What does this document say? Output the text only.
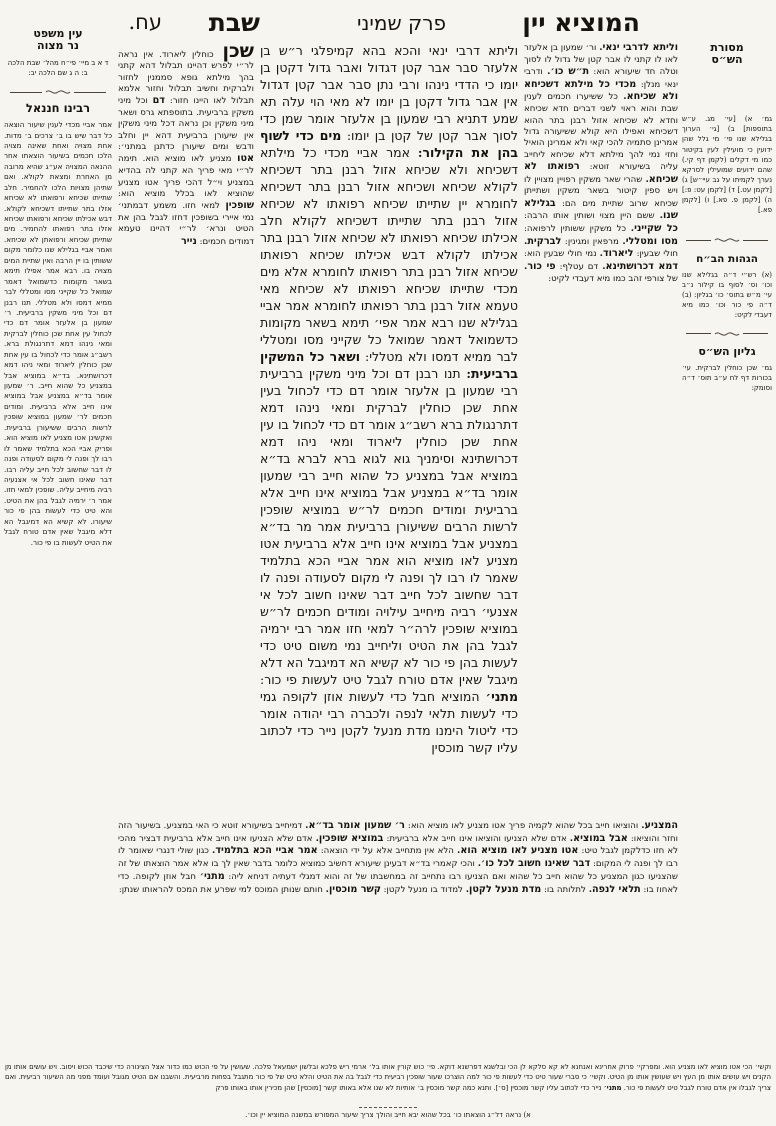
המוציא יין
פרק שמיני
שבת
עח.
עין משפט
נר מצוה
ד א ב מיי׳ פי״ח מהל׳ שבת הלכה ב: ה ג שם הלכה יב:
רבינו חננאל
אמר אביי מכדי לענין שיעור הוצאה כל דבר שיש בו ב׳ צרכים ב׳ מדות. אחת מצויה ואחת שאינה מצויה הלכו חכמים בשיעור הוצאתו אחר ההנאה המצויה אע״ג שהיא מרובה מן האחרת ומצאת לקולא. ואם שתיהן מצויות הלכו להחמיר. חלב שתייתו שכיחא ורפואתו לא שכיחא אזלו בתר שתייתו דשכיחא לקולא. דבש אכילתו שכיחא ורפואתו שכיחא אזלו בתר רפואתו להחמיר. מים שתייתן שכיחא ורפואתן לא שכיחא. ואמר אביי בגלילא שנו כלומר מקום ששותין בו יין הרבה ואין שתיית המים מצויה בו. רבא אמר אפילו תימא בשאר מקומות כדשמואל דאמר שמואל כל שקייני מסו ומטללי לבר ממיא דמסו ולא מטללי. תנו רבנן דם וכל מיני משקין ברביעית. ר׳ שמעון בן אלעזר אומר דם כדי לכחול עין אחת שכן כוחלין לברקית ומאי נינהו דמא דתרנגולת ברא. רשב״ג אומר כדי לכחול בו עין אחת שכן כוחלין ליארוד ומאי ניהו דמא דכרושתינא. בד״א במוציא אבל במצניע כל שהוא חייב. ר׳ שמעון אומר בד״א במצניע אבל במוציא אינו חייב אלא ברביעית. ומודים חכמים לר׳ שמעון במוציא שופכין לרשות הרבים ששיעורן ברביעית. ואקשינן אטו מצניע לאו מוציא הוא. ופריק אביי הכא בתלמיד שאמר לו רבו לך ופנה לי מקום לסעודה ופנה לו דבר שחשוב לכל חייב עליה רבו. דבר שאינו חשוב לכל אי אצנעיה רביה מיחייב עליה. שופכין למאי חזו. אמר ר׳ ירמיה לגבל בהן את הטיט. והא טיט כדי לעשות בהן פי כור שיעורו. לא קשיא הא דמיגבל הא דלא מיגבל שאין אדם טורח לגבל את הטיט לעשות בו פי כור.
מסורת
הש״ס
גמ׳ א) [עי׳ מג. ע״ש בתוספות] ב) [גי׳ הערוך בגלילא שנו פי׳ מי גלל שהן ידועין כי מועילין לעין בקיטור כמו מי דקלים (לקמן דף קי.) שהם ידועים שמועילין לסרקא נערך לקמיתו על גב עיי״ש] ג) [לקמן עט.] ד) [לקמן עט: פ:] ה) [לקמן פ. פא.] ו) [לקמן פא.]
הגהות הב״ח
(א) רש״י ד״ה בגלילא שנו וכו׳ וס׳ לסוף בו קילור נ״ב עי׳ מ״ש בתוס׳ כו׳ בגליון: (ב) ד״ה פי כור וכו׳ כמו מיא דעבדי לקיט:
גליון הש״ס
גמ׳ שכן כוחלין לברקית. עי׳ בכורות דף לח ע״ב תוס׳ ד״ה וסומק:
שכן כוחלין ליארוד. אין נראה לר״י לפרש דהיינו תבלול דהא קתני בהך מילתא גופא סממנין לחזור ולברקית וחשיב תבלול וחזור אלמא תבלול לאו היינו חזור: דם וכל מיני משקין ברביעית. בתוספתא גרס ושאר מיני משקין וכן נראה דכל מיני משקין אין שיעורן ברביעית דהא יין וחלב ודבש ומים שיעורן כדתנן במתני׳: אטו מצניע לאו מוציא הוא. תימה לר״י מאי פריך הא קתני לה בהדיא במצניע וי״ל דהכי פריך אטו מצניע שהוציא לאו בכלל מוציא הוא: שופכין למאי חזו. משמע דבמתני׳ נמי איירי בשופכין דחזו לגבל בהן את הטיט ונרא׳ לר״י דהיינו טעמא דמודים חכמים: נייר
וליתא דרבי ינאי והכא בהא קמיפלגי ר״ש בן אלעזר סבר אבר קטן דגדול ואבר גדול דקטן בן יומו כי הדדי נינהו ורבי נתן סבר אבר קטן דגדול אין אבר גדול דקטן בן יומו לא מאי הוי עלה תא שמע דתניא רבי שמעון בן אלעזר אומר שמן כדי לסוך אבר קטן של קטן בן יומו: מים כדי לשוף בהן את הקילור: אמר אביי מכדי כל מילתא דשכיחא ולא שכיחא אזול רבנן בתר דשכיחא לקולא שכיחא ושכיחא אזול רבנן בתר דשכיחא לחומרא יין שתייתו שכיחא רפואתו לא שכיחא אזול רבנן בתר שתייתו דשכיחא לקולא חלב אכילתו שכיחא רפואתו לא שכיחא אזול רבנן בתר אכילתו לקולא דבש אכילתו שכיחא רפואתו שכיחא אזול רבנן בתר רפואתו לחומרא אלא מים מכדי שתייתו שכיחא רפואתו לא שכיחא מאי טעמא אזול רבנן בתר רפואתו לחומרא אמר אביי בגלילא שנו רבא אמר אפי׳ תימא בשאר מקומות כדשמואל דאמר שמואל כל שקייני מסו ומטללי לבר ממיא דמסו ולא מטללי: ושאר כל המשקין ברביעית: תנו רבנן דם וכל מיני משקין ברביעית רבי שמעון בן אלעזר אומר דם כדי לכחול בעין אחת שכן כוחלין לברקית ומאי נינהו דמא דתרנגולת ברא רשב״ג אומר דם כדי לכחול בו עין אחת שכן כוחלין ליארוד ומאי ניהו דמא דכרושתינא וסימניך גוא לגוא ברא לברא בד״א במוציא אבל במצניע כל שהוא חייב רבי שמעון אומר בד״א במצניע אבל במוציא אינו חייב אלא ברביעית ומודים חכמים לר״ש במוציא שופכין לרשות הרבים ששיעורן ברביעית אמר מר בד״א במצניע אבל במוציא אינו חייב אלא ברביעית אטו מצניע לאו מוציא הוא אמר אביי הכא בתלמיד שאמר לו רבו לך ופנה לי מקום לסעודה ופנה לו דבר שחשוב לכל חייב דבר שאינו חשוב לכל אי אצנעי׳ רביה מיחייב עילויה ומודים חכמים לר״ש במוציא שופכין לרה״ר למאי חזו אמר רבי ירמיה לגבל בהן את הטיט וליחייב נמי משום טיט כדי לעשות בהן פי כור לא קשיא הא דמיגבל הא דלא מיגבל שאין אדם טורח לגבל טיט לעשות פי כור: מתני׳ המוציא חבל כדי לעשות אוזן לקופה גמי כדי לעשות תלאי לנפה ולכברה רבי יהודה אומר כדי ליטול הימנו מדת מנעל לקטן נייר כדי לכתוב עליו קשר מוכסין
וליתא לדרבי ינאי. ור׳ שמעון בן אלעזר לאו לו קתני לו אבר קטן של גדול לו לסוך וטלה חד שיעורא הוא: ת״ש כו׳. ודרבי ינאי מנלן: מכדי כל מילתא דשכיחא ולא שכיחא. כל ששיערו חכמים לענין שבת והוא ראוי לשני דברים חדא שכיחא וחדא לא שכיחא אזול רבנן בתר ההוא דשכיחא ואפילו היא קולא ששיעורה גדול אמרינן סתמיה להכי קאי ולא אמרינן הואיל וחזי נמי להך מילתא דלא שכיחא ליחייב עליה בשיעורא זוטא: רפואתו לא שכיחא. שהרי שאר משקין רפויין מצויין לו ויש ספין קיטור בשאר משקין ושתייתן שכיחא שרוב שתיית מים הם: בגלילא שנו. ששם היין מצוי ושותין אותו הרבה: כל שקייני. כל משקין ששותין לרפואה: מסו ומטללי. מרפאין ומגינין: לברקית. חולי שבעין: ליארוד. נמי חולי שבעין הוא: דמא דכרושתינא. דם עטלף: פי כור. של צורפי זהב כמו מיא דעבדי לקיט:
המצניע. והוציאו חייב בכל שהוא לקמיה פריך אטו מצניע לאו מוציא הוא: ר׳ שמעון אומר בד״א. דמיחייב בשיעורא זוטא כי האי במצניע. בשיעור הזה וחזר והוציאו: אבל במוציא. אדם שלא הצניעו והוציאו אינו חייב אלא ברביעית: במוציא שופכין. אדם שלא הצניעו אינו חייב אלא ברביעית דבציר מהכי לא חזו כדלקמן לגבל טיט: אטו מצניע לאו מוציא הוא. הלא אין מתחייב אלא על ידי הוצאה: אמר אביי הכא בתלמיד. כגון שולי דנגרי שאומר לו רבו לך ופנה לי המקום: דבר שאינו חשוב לכל כו׳. והכי קאמרי בד״א דבעינן שיעורא דחשיב כמוציא כלומר בדבר שאין לך בו אלא אמר הוצאתו של זה שהצניעו כגון המצניע כל שהוא חייב כל שהוא ואם הצניעו רבו נתחייב זה במחשבתו של זה והוא דמגלי דעתיה דניחא ליה: מתני׳ חבל אוזן לקופה. כדי לאחוז בו: תלאי לנפה. לתלותה בו: מדת מנעל לקטן. למדוד בו מנעל לקטן: קשר מוכסין. חותם שנותן המוכס למי שפרע את המכס להראותו שנתן:
וקשי׳ הכי אטו מוציא לאו מצניע הוא. ומפרקי׳ פרוק אחרינא ואנחנא לא קא סלקא לן הכי ובלשנא דפרשנא דוקא. פי׳ כוש קורין אותו בל׳ ארמי ריש פלכא ובלשון ישמעאל פלכה. שעושין על פי הכוש כמו כדור אצל הצינורה כדי שיכבד הכוש ויסוב. ויש עושים אותו מן הקנים ויש עושים אותו מן העץ ויש שעושין אותו מן הטיט. וקשי׳ כי סברי שעור טיט כדי לעשות פי כור למה הוצרכו שעור שופכין רביעית כדי לגבל בה את הטיט והלא טיט של פי כור מתגבל בפחות מרביעית. והשבנו אם הטיט מגובל ועומד מפני מה השיעור רביעית. ואם צריך לגבלו אין אדם טורח לגבל טיט לעשות פי כור. מתני׳ נייר כדי לכתוב עליו קשר מוכסין [ס׳]. ותנא כמה קשר מוכסין ב׳ אותיות לא שנו אלא באותו קשר [מוכסין] שהן מכירין אותו באותו פרק
א) נראה דל״ג הוצאתו כו׳ בכל שהוא יבא חייב והולך צריך שיעור המפורש במשנה המוציא יין וכו׳.
